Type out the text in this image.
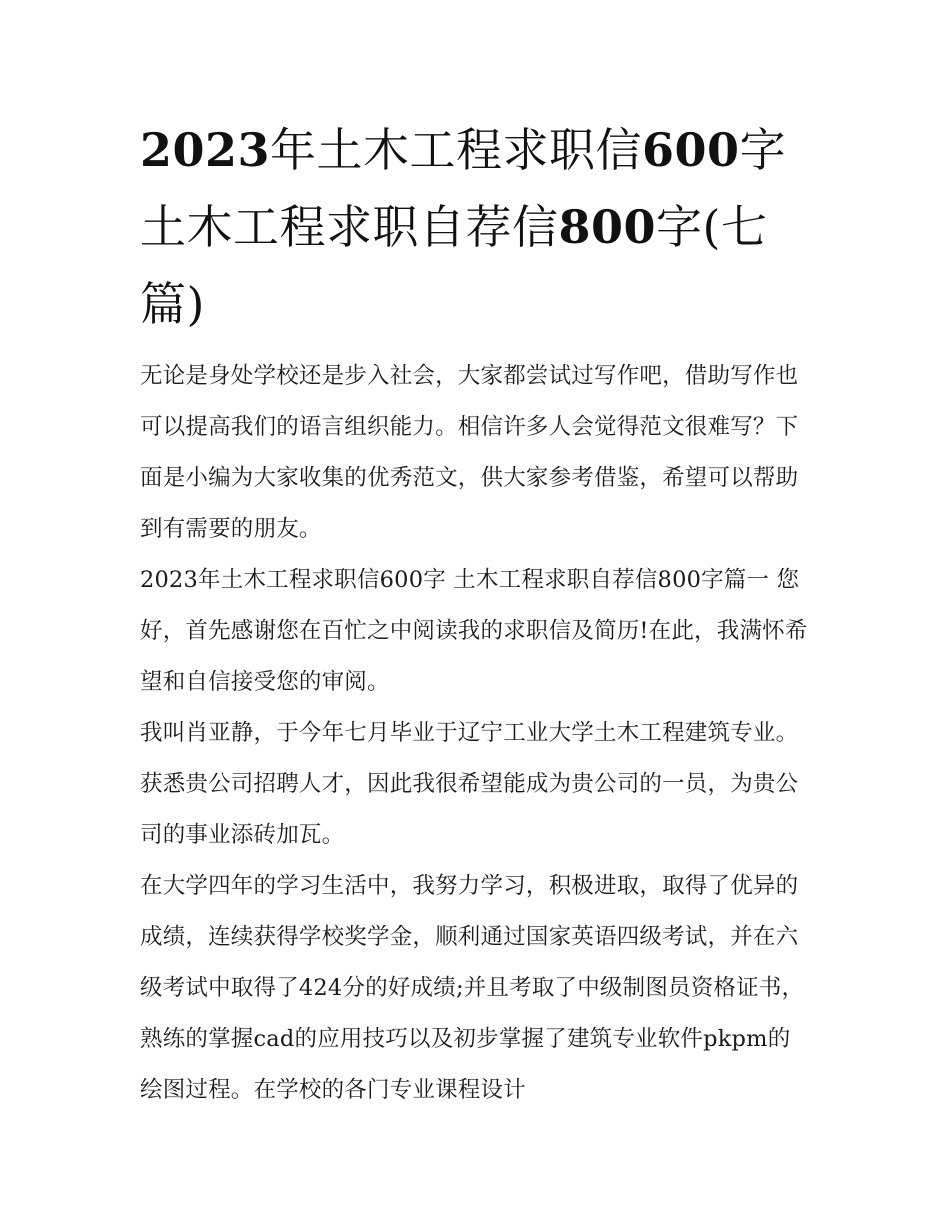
2023年土木工程求职信600字 土木工程求职自荐信800字(七篇)

无论是身处学校还是步入社会，大家都尝试过写作吧，借助写作也可以提高我们的语言组织能力。相信许多人会觉得范文很难写？下面是小编为大家收集的优秀范文，供大家参考借鉴，希望可以帮助到有需要的朋友。

2023年土木工程求职信600字 土木工程求职自荐信800字篇一 您好，首先感谢您在百忙之中阅读我的求职信及简历!在此，我满怀希望和自信接受您的审阅。

我叫肖亚静，于今年七月毕业于辽宁工业大学土木工程建筑专业。获悉贵公司招聘人才，因此我很希望能成为贵公司的一员，为贵公司的事业添砖加瓦。

在大学四年的学习生活中，我努力学习，积极进取，取得了优异的成绩，连续获得学校奖学金，顺利通过国家英语四级考试，并在六级考试中取得了424分的好成绩;并且考取了中级制图员资格证书，熟练的掌握cad的应用技巧以及初步掌握了建筑专业软件pkpm的绘图过程。在学校的各门专业课程设计
